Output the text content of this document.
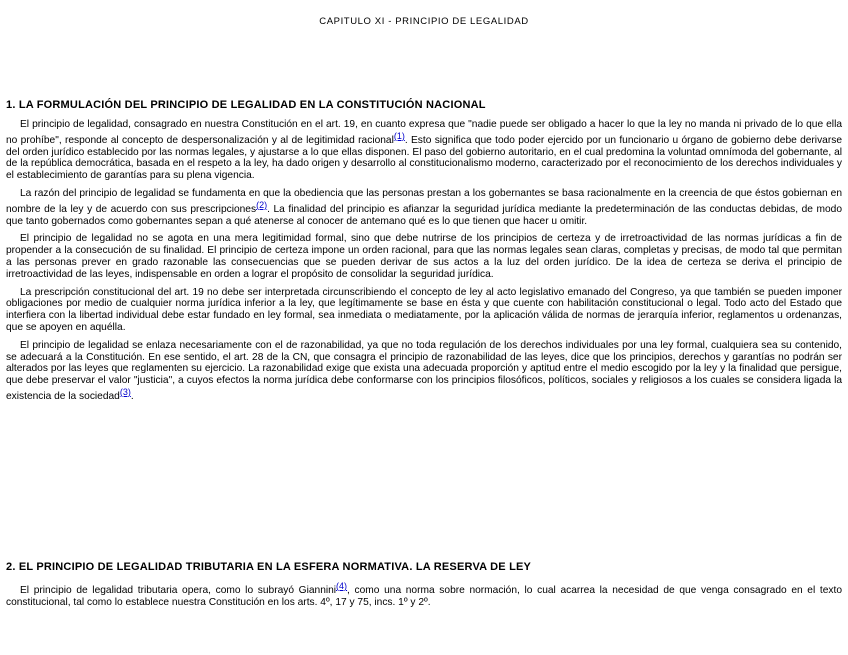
CAPITULO XI - PRINCIPIO DE LEGALIDAD
1. LA FORMULACIÓN DEL PRINCIPIO DE LEGALIDAD EN LA CONSTITUCIÓN NACIONAL

El principio de legalidad, consagrado en nuestra Constitución en el art. 19, en cuanto expresa que "nadie puede ser obligado a hacer lo que la ley no manda ni privado de lo que ella no prohíbe", responde al concepto de despersonalización y al de legitimidad racional(1). Esto significa que todo poder ejercido por un funcionario u órgano de gobierno debe derivarse del orden jurídico establecido por las normas legales, y ajustarse a lo que ellas disponen. El paso del gobierno autoritario, en el cual predomina la voluntad omnímoda del gobernante, al de la república democrática, basada en el respeto a la ley, ha dado origen y desarrollo al constitucionalismo moderno, caracterizado por el reconocimiento de los derechos individuales y el establecimiento de garantías para su plena vigencia.

La razón del principio de legalidad se fundamenta en que la obediencia que las personas prestan a los gobernantes se basa racionalmente en la creencia de que éstos gobiernan en nombre de la ley y de acuerdo con sus prescripciones(2). La finalidad del principio es afianzar la seguridad jurídica mediante la predeterminación de las conductas debidas, de modo que tanto gobernados como gobernantes sepan a qué atenerse al conocer de antemano qué es lo que tienen que hacer u omitir.

El principio de legalidad no se agota en una mera legitimidad formal, sino que debe nutrirse de los principios de certeza y de irretroactividad de las normas jurídicas a fin de propender a la consecución de su finalidad. El principio de certeza impone un orden racional, para que las normas legales sean claras, completas y precisas, de modo tal que permitan a las personas prever en grado razonable las consecuencias que se pueden derivar de sus actos a la luz del orden jurídico. De la idea de certeza se deriva el principio de irretroactividad de las leyes, indispensable en orden a lograr el propósito de consolidar la seguridad jurídica.

La prescripción constitucional del art. 19 no debe ser interpretada circunscribiendo el concepto de ley al acto legislativo emanado del Congreso, ya que también se pueden imponer obligaciones por medio de cualquier norma jurídica inferior a la ley, que legítimamente se base en ésta y que cuente con habilitación constitucional o legal. Todo acto del Estado que interfiera con la libertad individual debe estar fundado en ley formal, sea inmediata o mediatamente, por la aplicación válida de normas de jerarquía inferior, reglamentos u ordenanzas, que se apoyen en aquélla.

El principio de legalidad se enlaza necesariamente con el de razonabilidad, ya que no toda regulación de los derechos individuales por una ley formal, cualquiera sea su contenido, se adecuará a la Constitución. En ese sentido, el art. 28 de la CN, que consagra el principio de razonabilidad de las leyes, dice que los principios, derechos y garantías no podrán ser alterados por las leyes que reglamenten su ejercicio. La razonabilidad exige que exista una adecuada proporción y aptitud entre el medio escogido por la ley y la finalidad que persigue, que debe preservar el valor "justicia", a cuyos efectos la norma jurídica debe conformarse con los principios filosóficos, políticos, sociales y religiosos a los cuales se considera ligada la existencia de la sociedad(3).

2. EL PRINCIPIO DE LEGALIDAD TRIBUTARIA EN LA ESFERA NORMATIVA. LA RESERVA DE LEY

El principio de legalidad tributaria opera, como lo subrayó Giannini(4), como una norma sobre normación, lo cual acarrea la necesidad de que venga consagrado en el texto constitucional, tal como lo establece nuestra Constitución en los arts. 4º, 17 y 75, incs. 1º y 2º.
